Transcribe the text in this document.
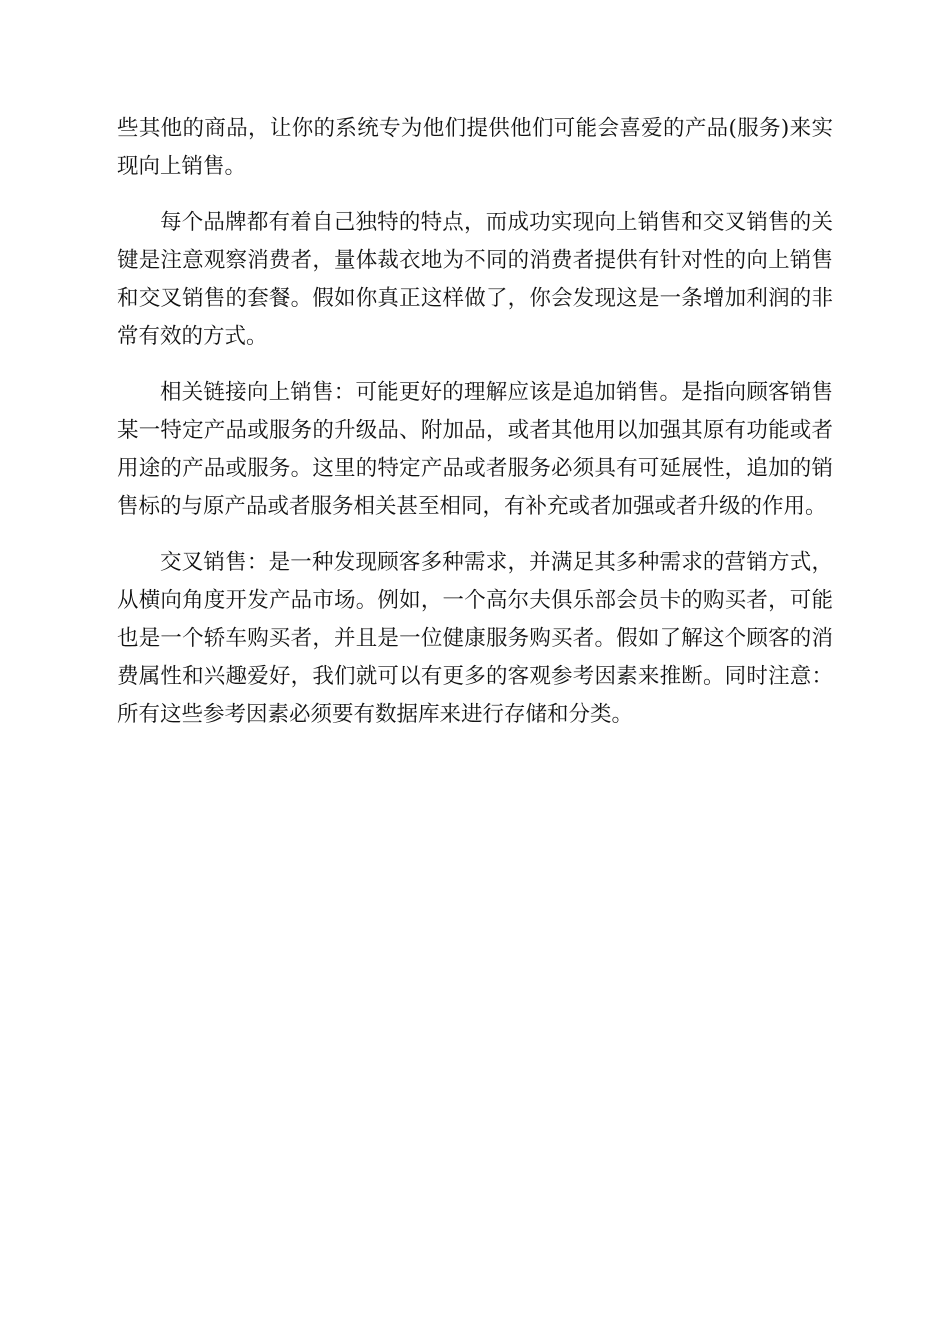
些其他的商品，让你的系统专为他们提供他们可能会喜爱的产品(服务)来实现向上销售。

每个品牌都有着自己独特的特点，而成功实现向上销售和交叉销售的关键是注意观察消费者，量体裁衣地为不同的消费者提供有针对性的向上销售和交叉销售的套餐。假如你真正这样做了，你会发现这是一条增加利润的非常有效的方式。

相关链接向上销售：可能更好的理解应该是追加销售。是指向顾客销售某一特定产品或服务的升级品、附加品，或者其他用以加强其原有功能或者用途的产品或服务。这里的特定产品或者服务必须具有可延展性，追加的销售标的与原产品或者服务相关甚至相同，有补充或者加强或者升级的作用。

交叉销售：是一种发现顾客多种需求，并满足其多种需求的营销方式，从横向角度开发产品市场。例如，一个高尔夫俱乐部会员卡的购买者，可能也是一个轿车购买者，并且是一位健康服务购买者。假如了解这个顾客的消费属性和兴趣爱好，我们就可以有更多的客观参考因素来推断。同时注意：所有这些参考因素必须要有数据库来进行存储和分类。
